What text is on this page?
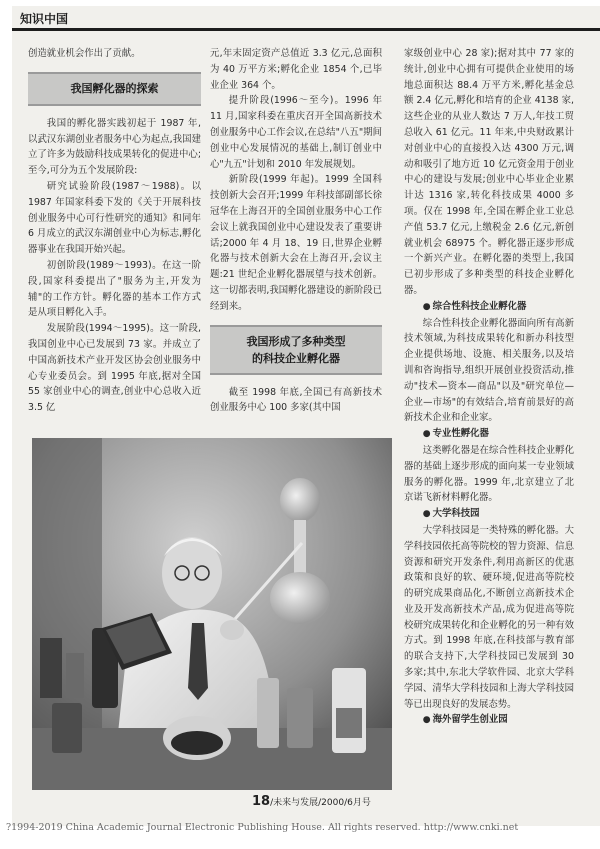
知识中国

创造就业机会作出了贡献。

我国孵化器的探索

我国的孵化器实践初起于 1987 年,以武汉东湖创业者服务中心为起点,我国建立了许多为鼓励科技成果转化的促进中心;至今,可分为五个发展阶段:

研究试验阶段(1987～1988)。以 1987 年国家科委下发的《关于开展科技创业服务中心可行性研究的通知》和同年 6 月成立的武汉东湖创业中心为标志,孵化器事业在我国开始兴起。

初创阶段(1989～1993)。在这一阶段,国家科委提出了"服务为主,开发为辅"的工作方针。孵化器的基本工作方式是从项目孵化入手。

发展阶段(1994～1995)。这一阶段,我国创业中心已发展到 73 家。并成立了中国高新技术产业开发区协会创业服务中心专业委员会。到 1995 年底,据对全国 55 家创业中心的调查,创业中心总收入近 3.5 亿

元,年末固定资产总值近 3.3 亿元,总面积为 40 万平方米;孵化企业 1854 个,已毕业企业 364 个。

提升阶段(1996～至今)。1996 年 11 月,国家科委在重庆召开全国高新技术创业服务中心工作会议,在总结"八五"期间创业中心发展情况的基础上,制订创业中心"九五"计划和 2010 年发展规划。

新阶段(1999 年起)。1999 全国科技创新大会召开;1999 年科技部副部长徐冠华在上海召开的全国创业服务中心工作会议上就我国创业中心建设发表了重要讲话;2000 年 4 月 18、19 日,世界企业孵化器与技术创新大会在上海召开,会议主题:21 世纪企业孵化器展望与技术创新。这一切都表明,我国孵化器建设的新阶段已经到来。

我国形成了多种类型
的科技企业孵化器

截至 1998 年底,全国已有高新技术创业服务中心 100 多家(其中国

家级创业中心 28 家);据对其中 77 家的统计,创业中心拥有可提供企业使用的场地总面积达 88.4 万平方米,孵化基金总额 2.4 亿元,孵化和培育的企业 4138 家,这些企业的从业人数达 7 万人,年技工贸总收入 61 亿元。11 年来,中央财政累计对创业中心的直接投入达 4300 万元,调动和吸引了地方近 10 亿元资金用于创业中心的建设与发展;创业中心毕业企业累计达 1316 家,转化科技成果 4000 多项。仅在 1998 年,全国在孵企业工业总产值 53.7 亿元,上缴税金 2.6 亿元,新创就业机会 68975 个。孵化器正逐步形成一个新兴产业。在孵化器的类型上,我国已初步形成了多种类型的科技企业孵化器。

● 综合性科技企业孵化器

综合性科技企业孵化器面向所有高新技术领域,为科技成果转化和新办科技型企业提供场地、设施、相关服务,以及培训和咨询指导,组织开展创业投资活动,推动"技术—资本—商品"以及"研究单位—企业—市场"的有效结合,培育前景好的高新技术企业和企业家。

● 专业性孵化器

这类孵化器是在综合性科技企业孵化器的基础上逐步形成的面向某一专业领域服务的孵化器。1999 年,北京建立了北京诺飞新材料孵化器。

● 大学科技园

大学科技园是一类特殊的孵化器。大学科技园依托高等院校的智力资源、信息资源和研究开发条件,利用高新区的优惠政策和良好的软、硬环境,促进高等院校的研究成果商品化,不断创立高新技术企业及开发高新技术产品,成为促进高等院校研究成果转化和企业孵化的另一种有效方式。到 1998 年底,在科技部与教育部的联合支持下,大学科技园已发展到 30 多家;其中,东北大学软件园、北京大学科学园、清华大学科技园和上海大学科技园等已出现良好的发展态势。

● 海外留学生创业园

18/未来与发展/2000/6月号
?1994-2019 China Academic Journal Electronic Publishing House. All rights reserved. http://www.cnki.net
